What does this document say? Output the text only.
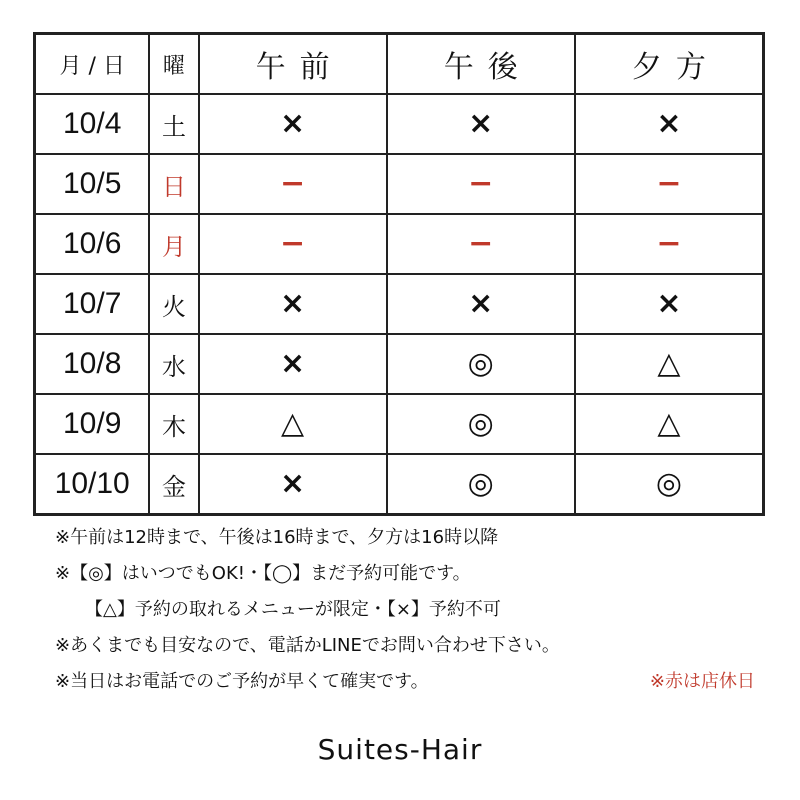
月 / 日	曜	午前	午後	夕方
10/4	土	×	×	×
10/5	日	−	−	−
10/6	月	−	−	−
10/7	火	×	×	×
10/8	水	×	◎	△
10/9	木	△	◎	△
10/10	金	×	◎	◎
※午前は12時まで、午後は16時まで、夕方は16時以降
※【◎】はいつでもOK!・【◯】まだ予約可能です。
【△】予約の取れるメニューが限定・【×】予約不可
※あくまでも目安なので、電話かLINEでお問い合わせ下さい。
※当日はお電話でのご予約が早くて確実です。	※赤は店休日
Suites-Hair
